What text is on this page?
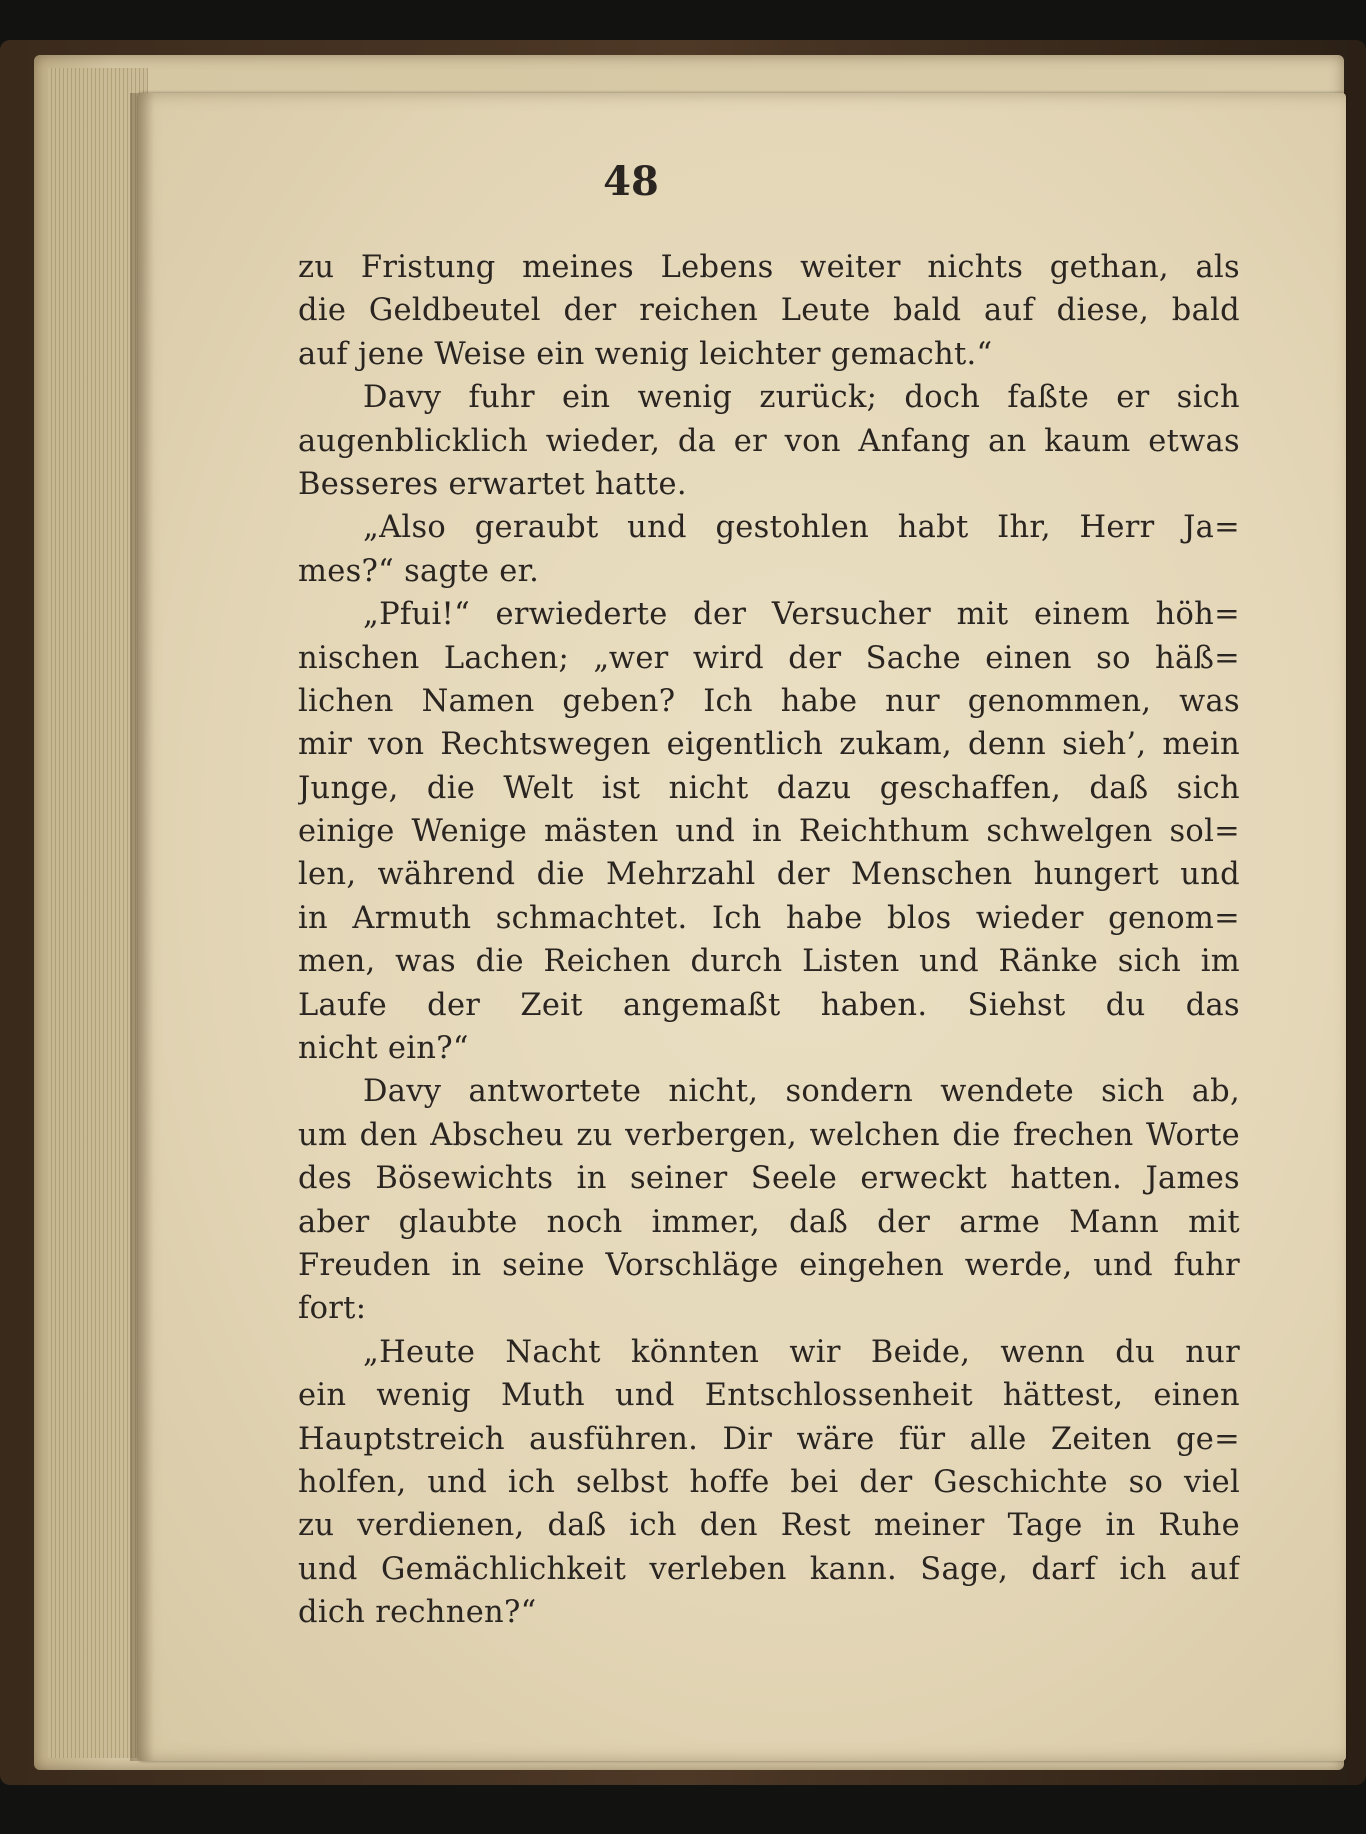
48
zu Fristung meines Lebens weiter nichts gethan, als
die Geldbeutel der reichen Leute bald auf diese, bald
auf jene Weise ein wenig leichter gemacht.“
Davy fuhr ein wenig zurück; doch faßte er sich
augenblicklich wieder, da er von Anfang an kaum etwas
Besseres erwartet hatte.
„Also geraubt und gestohlen habt Ihr, Herr Ja=
mes?“ sagte er.
„Pfui!“ erwiederte der Versucher mit einem höh=
nischen Lachen; „wer wird der Sache einen so häß=
lichen Namen geben? Ich habe nur genommen, was
mir von Rechtswegen eigentlich zukam, denn sieh’, mein
Junge, die Welt ist nicht dazu geschaffen, daß sich
einige Wenige mästen und in Reichthum schwelgen sol=
len, während die Mehrzahl der Menschen hungert und
in Armuth schmachtet. Ich habe blos wieder genom=
men, was die Reichen durch Listen und Ränke sich im
Laufe der Zeit angemaßt haben. Siehst du das
nicht ein?“
Davy antwortete nicht, sondern wendete sich ab,
um den Abscheu zu verbergen, welchen die frechen Worte
des Bösewichts in seiner Seele erweckt hatten. James
aber glaubte noch immer, daß der arme Mann mit
Freuden in seine Vorschläge eingehen werde, und fuhr
fort:
„Heute Nacht könnten wir Beide, wenn du nur
ein wenig Muth und Entschlossenheit hättest, einen
Hauptstreich ausführen. Dir wäre für alle Zeiten ge=
holfen, und ich selbst hoffe bei der Geschichte so viel
zu verdienen, daß ich den Rest meiner Tage in Ruhe
und Gemächlichkeit verleben kann. Sage, darf ich auf
dich rechnen?“
